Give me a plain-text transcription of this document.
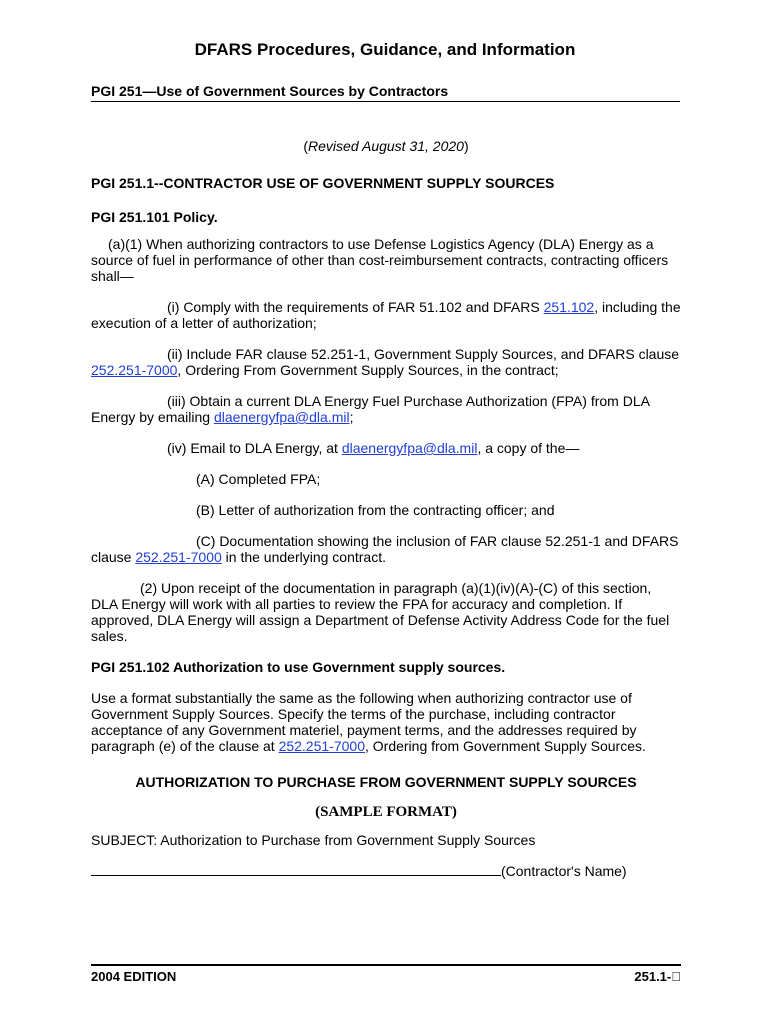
DFARS Procedures, Guidance, and Information
PGI 251—Use of Government Sources by Contractors

(Revised August 31, 2020)

PGI 251.1--CONTRACTOR USE OF GOVERNMENT SUPPLY SOURCES

PGI 251.101 Policy.

(a)(1) When authorizing contractors to use Defense Logistics Agency (DLA) Energy as a source of fuel in performance of other than cost-reimbursement contracts, contracting officers shall—

(i) Comply with the requirements of FAR 51.102 and DFARS 251.102, including the execution of a letter of authorization;

(ii) Include FAR clause 52.251-1, Government Supply Sources, and DFARS clause 252.251-7000, Ordering From Government Supply Sources, in the contract;

(iii) Obtain a current DLA Energy Fuel Purchase Authorization (FPA) from DLA Energy by emailing dlaenergyfpa@dla.mil;

(iv) Email to DLA Energy, at dlaenergyfpa@dla.mil, a copy of the—

(A) Completed FPA;

(B) Letter of authorization from the contracting officer; and

(C) Documentation showing the inclusion of FAR clause 52.251-1 and DFARS clause 252.251-7000 in the underlying contract.

(2) Upon receipt of the documentation in paragraph (a)(1)(iv)(A)-(C) of this section, DLA Energy will work with all parties to review the FPA for accuracy and completion. If approved, DLA Energy will assign a Department of Defense Activity Address Code for the fuel sales.

PGI 251.102 Authorization to use Government supply sources.

Use a format substantially the same as the following when authorizing contractor use of Government Supply Sources. Specify the terms of the purchase, including contractor acceptance of any Government materiel, payment terms, and the addresses required by paragraph (e) of the clause at 252.251-7000, Ordering from Government Supply Sources.

AUTHORIZATION TO PURCHASE FROM GOVERNMENT SUPPLY SOURCES

(SAMPLE FORMAT)

SUBJECT: Authorization to Purchase from Government Supply Sources

(Contractor's Name)

2004 EDITION	251.1- 
